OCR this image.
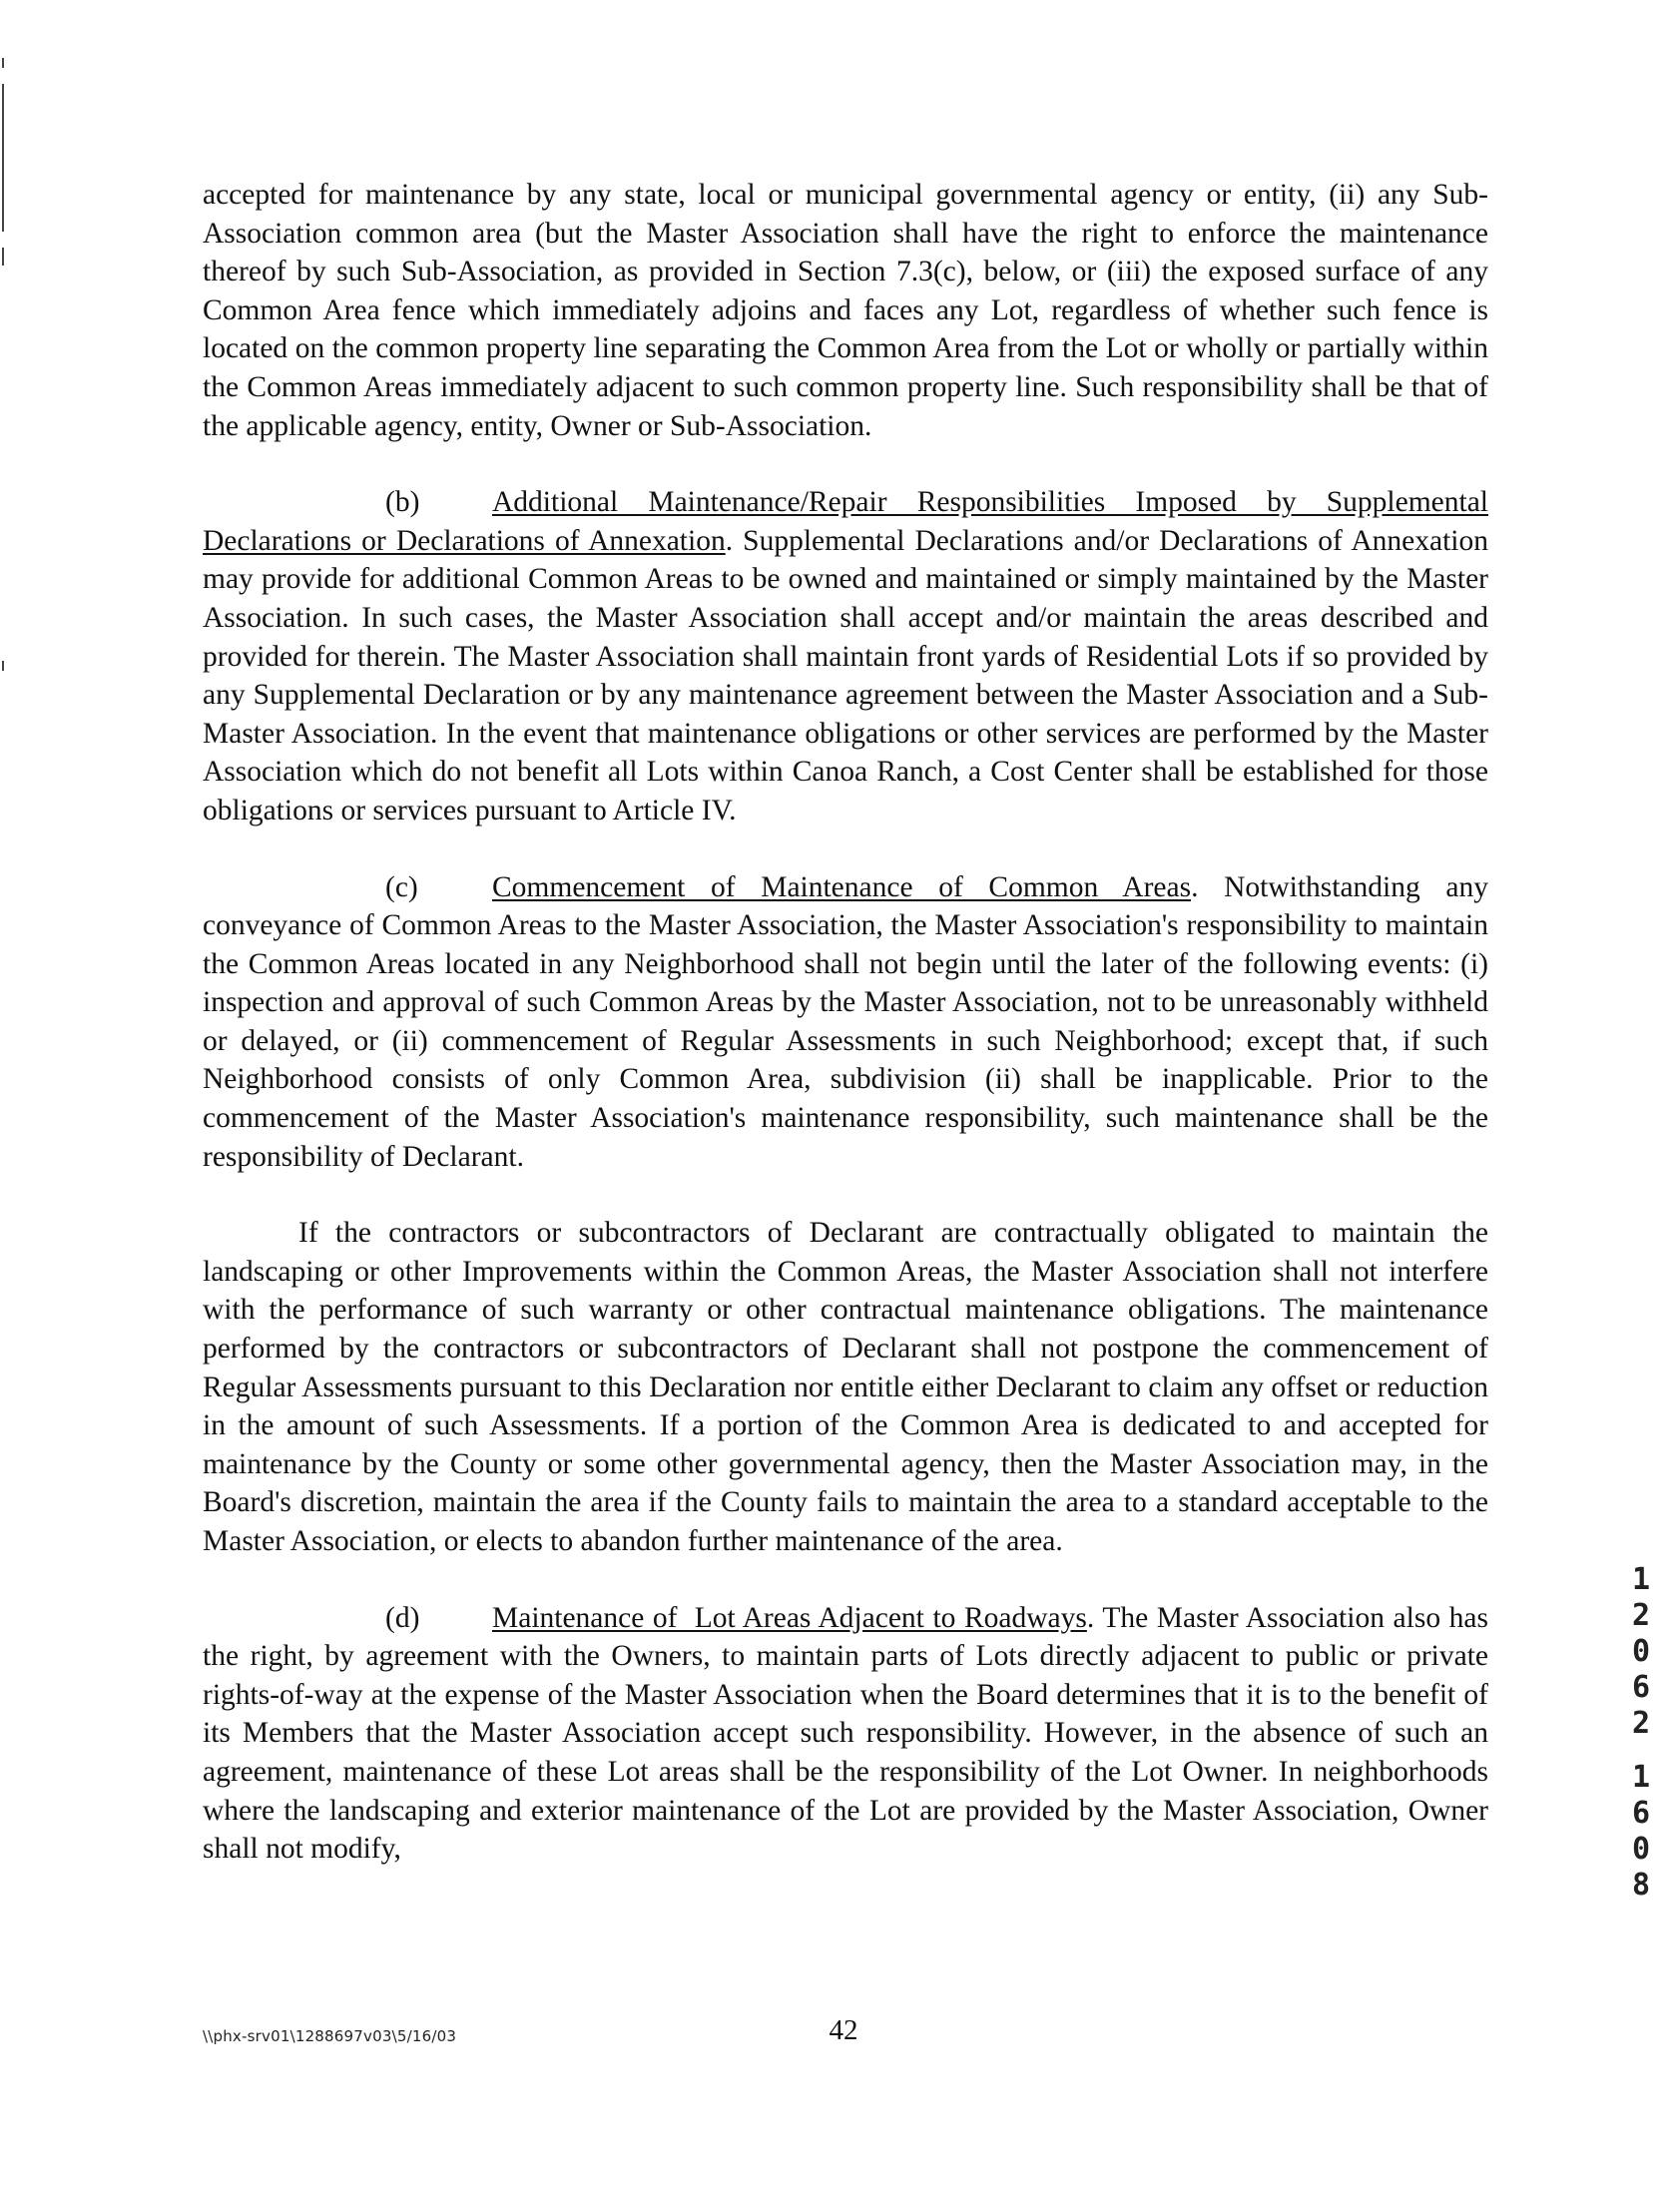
accepted for maintenance by any state, local or municipal governmental agency or entity, (ii) any Sub-Association common area (but the Master Association shall have the right to enforce the maintenance thereof by such Sub-Association, as provided in Section 7.3(c), below, or (iii) the exposed surface of any Common Area fence which immediately adjoins and faces any Lot, regardless of whether such fence is located on the common property line separating the Common Area from the Lot or wholly or partially within the Common Areas immediately adjacent to such common property line. Such responsibility shall be that of the applicable agency, entity, Owner or Sub-Association.

(b) Additional Maintenance/Repair Responsibilities Imposed by Supplemental Declarations or Declarations of Annexation. Supplemental Declarations and/or Declarations of Annexation may provide for additional Common Areas to be owned and maintained or simply maintained by the Master Association. In such cases, the Master Association shall accept and/or maintain the areas described and provided for therein. The Master Association shall maintain front yards of Residential Lots if so provided by any Supplemental Declaration or by any maintenance agreement between the Master Association and a Sub-Master Association. In the event that maintenance obligations or other services are performed by the Master Association which do not benefit all Lots within Canoa Ranch, a Cost Center shall be established for those obligations or services pursuant to Article IV.

(c)	Commencement of Maintenance of Common Areas. Notwithstanding any conveyance of Common Areas to the Master Association, the Master Association's responsibility to maintain the Common Areas located in any Neighborhood shall not begin until the later of the following events: (i) inspection and approval of such Common Areas by the Master Association, not to be unreasonably withheld or delayed, or (ii) commencement of Regular Assessments in such Neighborhood; except that, if such Neighborhood consists of only Common Area, subdivision (ii) shall be inapplicable. Prior to the commencement of the Master Association's maintenance responsibility, such maintenance shall be the responsibility of Declarant.

If the contractors or subcontractors of Declarant are contractually obligated to maintain the landscaping or other Improvements within the Common Areas, the Master Association shall not interfere with the performance of such warranty or other contractual maintenance obligations. The maintenance performed by the contractors or subcontractors of Declarant shall not postpone the commencement of Regular Assessments pursuant to this Declaration nor entitle either Declarant to claim any offset or reduction in the amount of such Assessments. If a portion of the Common Area is dedicated to and accepted for maintenance by the County or some other governmental agency, then the Master Association may, in the Board's discretion, maintain the area if the County fails to maintain the area to a standard acceptable to the Master Association, or elects to abandon further maintenance of the area.

(d) Maintenance of  Lot Areas Adjacent to Roadways. The Master Association also has the right, by agreement with the Owners, to maintain parts of Lots directly adjacent to public or private rights-of-way at the expense of the Master Association when the Board determines that it is to the benefit of its Members that the Master Association accept such responsibility. However, in the absence of such an agreement, maintenance of these Lot areas shall be the responsibility of the Lot Owner. In neighborhoods where the landscaping and exterior maintenance of the Lot are provided by the Master Association, Owner shall not modify,

1
2
0
6
2
1
6
0
8
\\phx-srv01\1288697v03\5/16/03	42
